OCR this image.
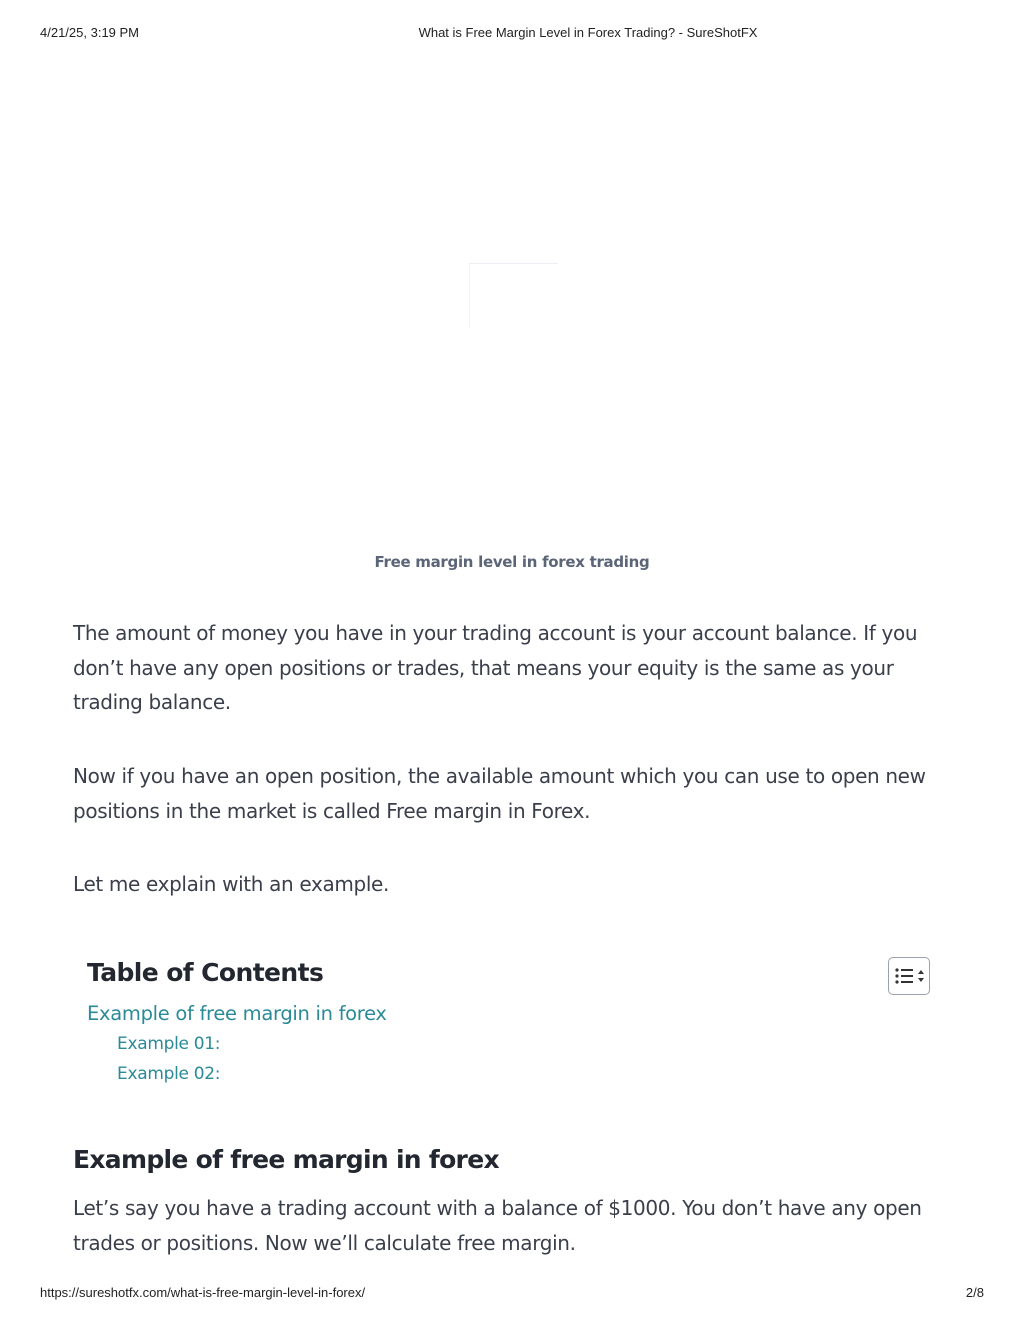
4/21/25, 3:19 PM	What is Free Margin Level in Forex Trading? - SureShotFX
Free margin level in forex trading

The amount of money you have in your trading account is your account balance. If you don’t have any open positions or trades, that means your equity is the same as your trading balance.

Now if you have an open position, the available amount which you can use to open new positions in the market is called Free margin in Forex.

Let me explain with an example.

Table of Contents
Example of free margin in forex
Example 01:
Example 02:
Example of free margin in forex

Let’s say you have a trading account with a balance of $1000. You don’t have any open trades or positions. Now we’ll calculate free margin.

https://sureshotfx.com/what-is-free-margin-level-in-forex/	2/8
